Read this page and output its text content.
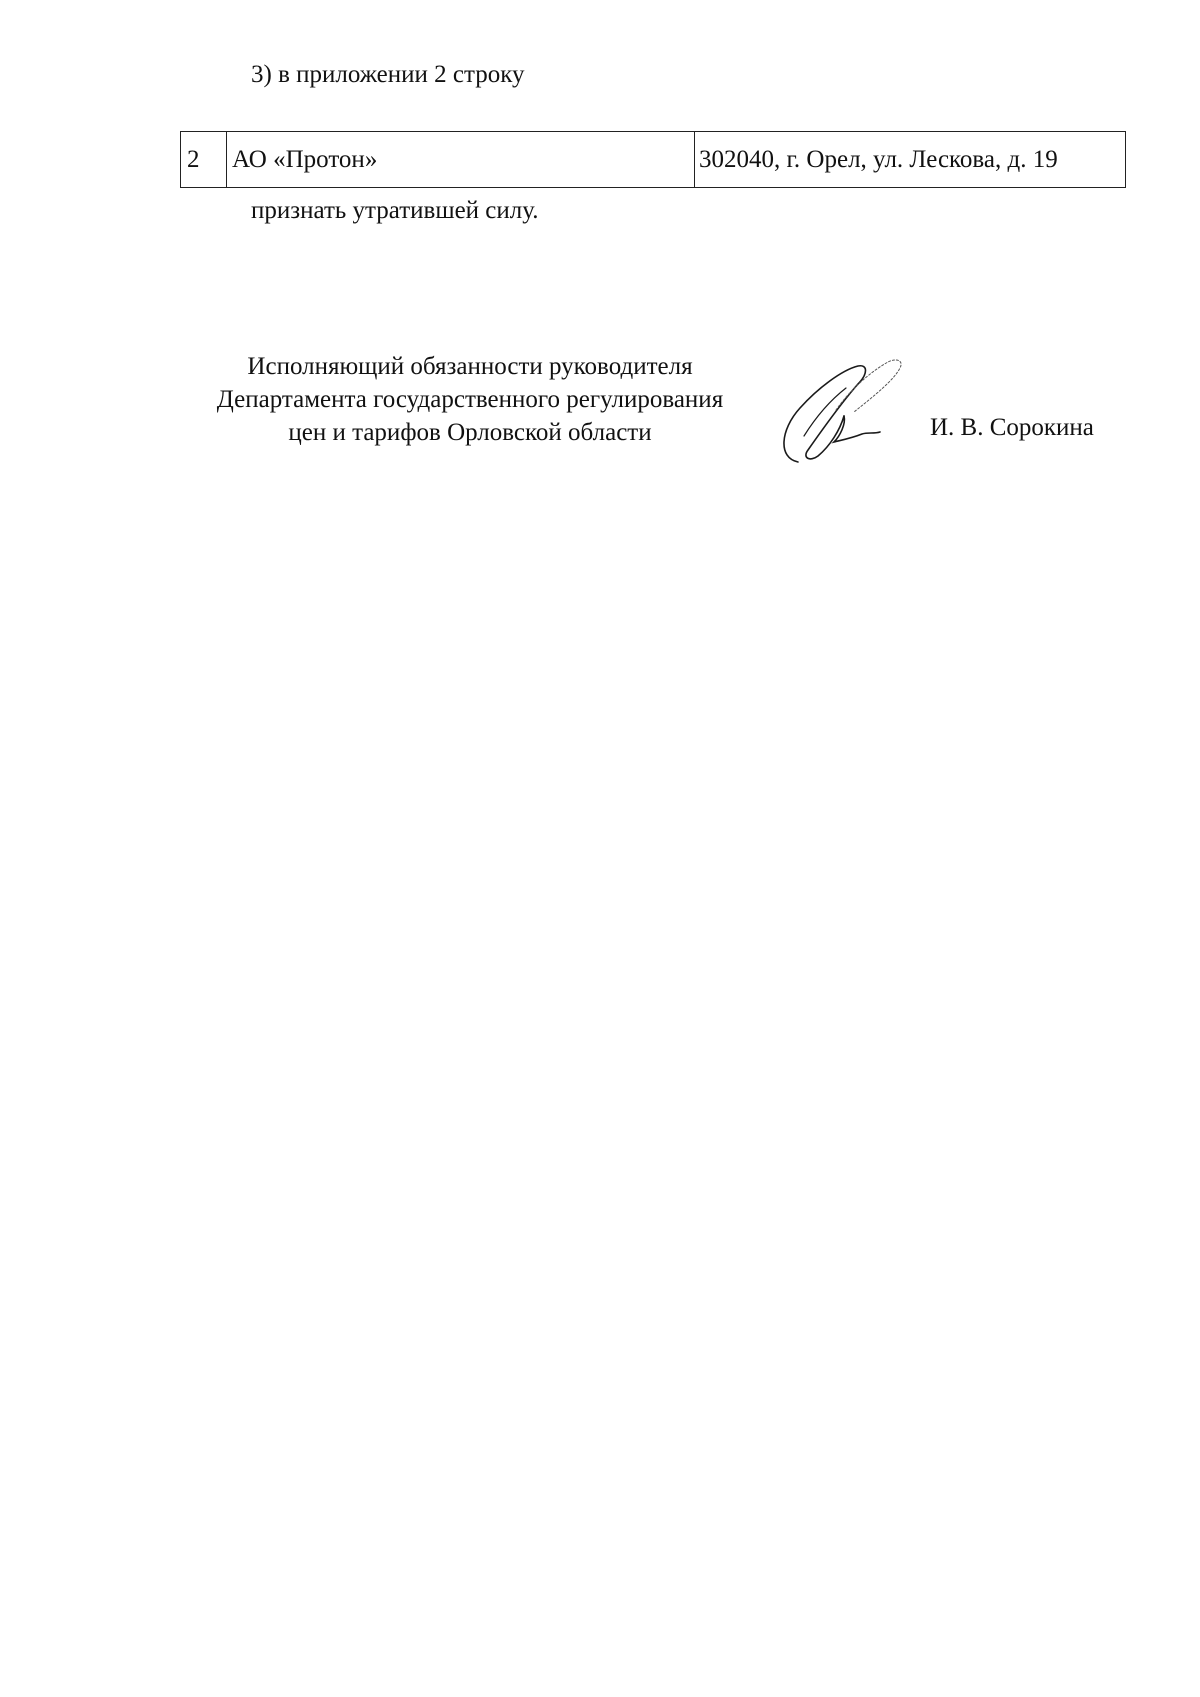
3) в приложении 2 строку
2	АО «Протон»	302040, г. Орел, ул. Лескова, д. 19
признать утратившей силу.
Исполняющий обязанности руководителя
Департамента государственного регулирования
цен и тарифов Орловской области	И. В. Сорокина
